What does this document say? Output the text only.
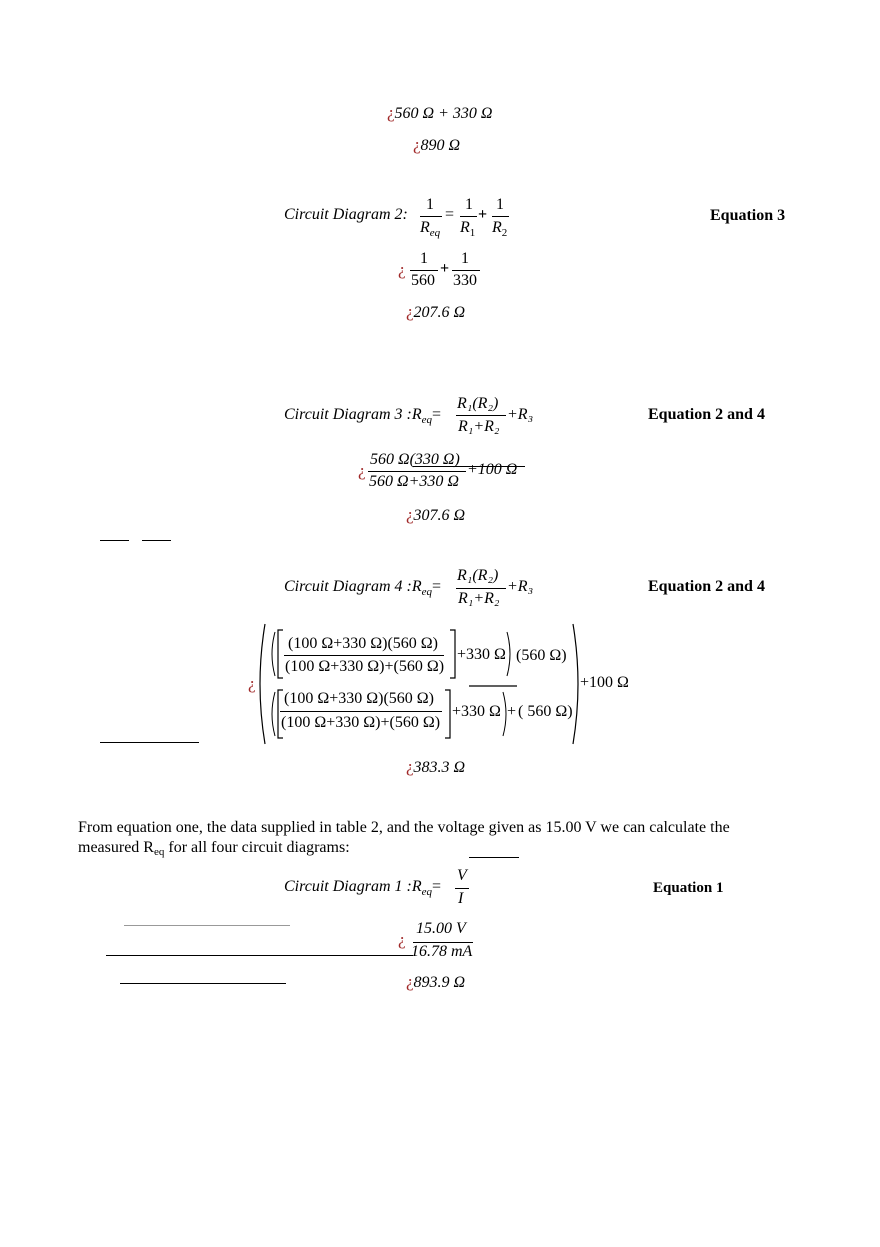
¿560 Ω + 330 Ω
¿890 Ω
Circuit Diagram 2:
1
$R_{eq}$
=
1
$R_1$
+
1
$R_2$
Equation 3
¿
1
560
+
1
330
¿207.6 Ω
Circuit Diagram 3 $:R_{eq}=$
R₁(R₂)
R₁+R₂
+R₃	Equation 2 and 4
¿
560 Ω(330 Ω)
560 Ω+330 Ω
+100 Ω
¿307.6 Ω
Circuit Diagram 4 $:R_{eq}=$
R₁(R₂)
R₁+R₂
+R₃	Equation 2 and 4
¿
(100 Ω+330 Ω)(560 Ω)
(100 Ω+330 Ω)+(560 Ω)
+330 Ω (560 Ω)
(100 Ω+330 Ω)(560 Ω)
(100 Ω+330 Ω)+(560 Ω)
+330 Ω + ( 560 Ω)
+100 Ω
¿383.3 Ω
From equation one, the data supplied in table 2, and the voltage given as 15.00 V we can calculate the
measured Req for all four circuit diagrams:
Circuit Diagram 1 $:R_{eq}=$
V
I
Equation 1
¿
15.00 V
16.78 mA
¿893.9 Ω
